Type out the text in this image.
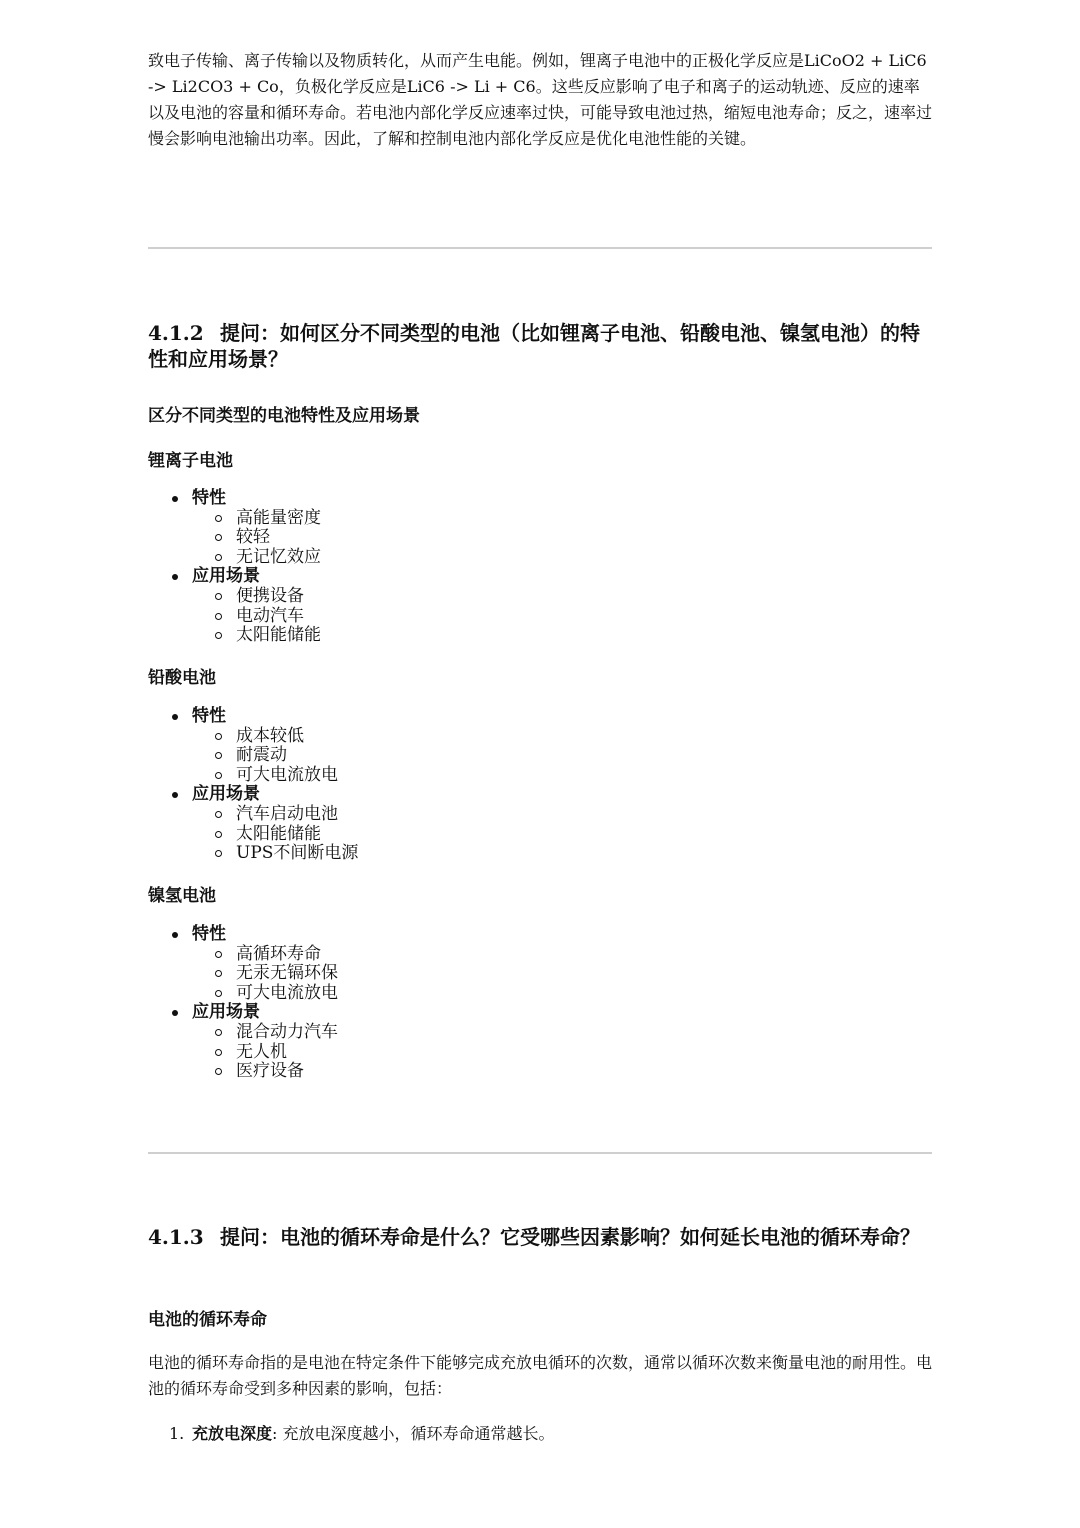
致电子传输、离子传输以及物质转化，从而产生电能。例如，锂离子电池中的正极化学反应是LiCoO2 + LiC6 -> Li2CO3 + Co，负极化学反应是LiC6 -> Li + C6。这些反应影响了电子和离子的运动轨迹、反应的速率以及电池的容量和循环寿命。若电池内部化学反应速率过快，可能导致电池过热，缩短电池寿命；反之，速率过慢会影响电池输出功率。因此，了解和控制电池内部化学反应是优化电池性能的关键。

4.1.2 提问：如何区分不同类型的电池（比如锂离子电池、铅酸电池、镍氢电池）的特性和应用场景？

区分不同类型的电池特性及应用场景

锂离子电池

特性
高能量密度
较轻
无记忆效应
应用场景
便携设备
电动汽车
太阳能储能

铅酸电池

特性
成本较低
耐震动
可大电流放电
应用场景
汽车启动电池
太阳能储能
UPS不间断电源

镍氢电池

特性
高循环寿命
无汞无镉环保
可大电流放电
应用场景
混合动力汽车
无人机
医疗设备
4.1.3 提问：电池的循环寿命是什么？它受哪些因素影响？如何延长电池的循环寿命？

电池的循环寿命

电池的循环寿命指的是电池在特定条件下能够完成充放电循环的次数，通常以循环次数来衡量电池的耐用性。电池的循环寿命受到多种因素的影响，包括：

1. 充放电深度: 充放电深度越小，循环寿命通常越长。
